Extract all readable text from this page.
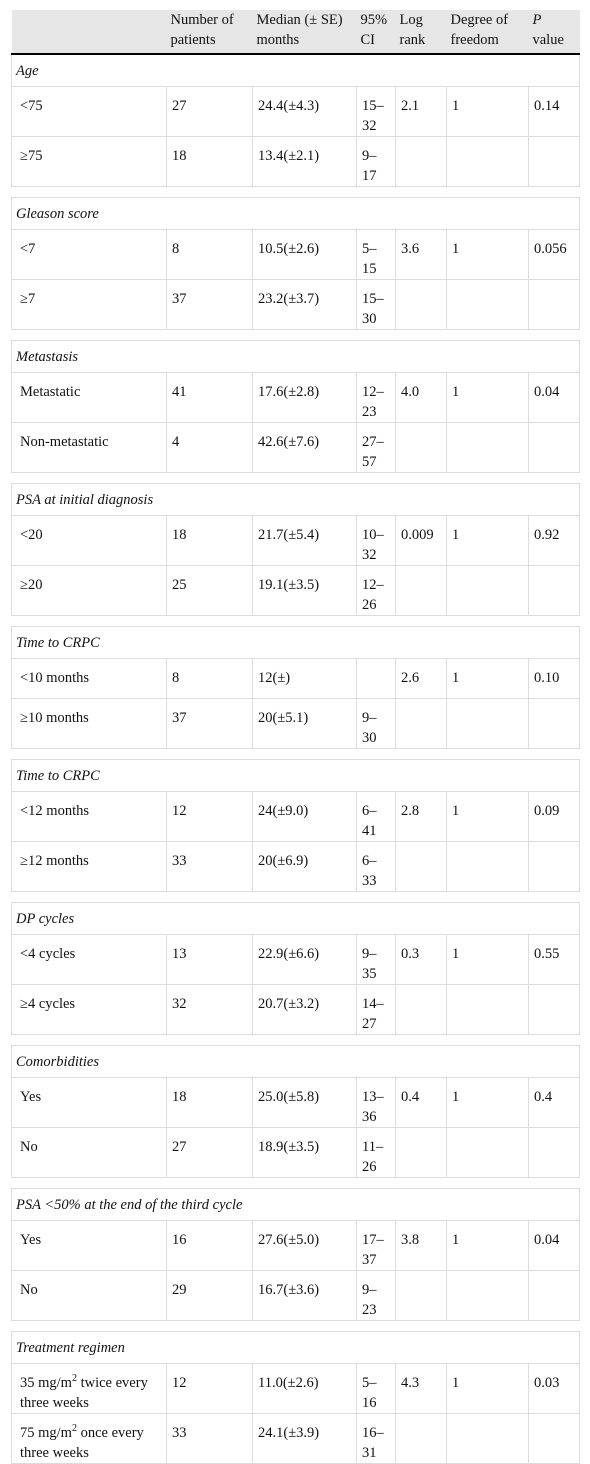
	Number of patients	Median (± SE) months	95% CI	Log rank	Degree of freedom	P
value
Age						
<75	27	24.4(±4.3)	15–32	2.1	1	0.14
≥75	18	13.4(±2.1)	9–17			

Gleason score						
<7	8	10.5(±2.6)	5–15	3.6	1	0.056
≥7	37	23.2(±3.7)	15–30			

Metastasis						
Metastatic	41	17.6(±2.8)	12–23	4.0	1	0.04
Non-metastatic	4	42.6(±7.6)	27–57			

PSA at initial diagnosis						
<20	18	21.7(±5.4)	10–32	0.009	1	0.92
≥20	25	19.1(±3.5)	12–26			

Time to CRPC						
<10 months	8	12(±)		2.6	1	0.10
≥10 months	37	20(±5.1)	9–30			

Time to CRPC						
<12 months	12	24(±9.0)	6–41	2.8	1	0.09
≥12 months	33	20(±6.9)	6–33			

DP cycles						
<4 cycles	13	22.9(±6.6)	9–35	0.3	1	0.55
≥4 cycles	32	20.7(±3.2)	14–27			

Comorbidities						
Yes	18	25.0(±5.8)	13–36	0.4	1	0.4
No	27	18.9(±3.5)	11–26			

PSA <50% at the end of the third cycle						
Yes	16	27.6(±5.0)	17–37	3.8	1	0.04
No	29	16.7(±3.6)	9–23			

Treatment regimen						
35 $mg/m^2$ twice every three weeks	12	11.0(±2.6)	5–16	4.3	1	0.03
75 $mg/m^2$ once every three weeks	33	24.1(±3.9)	16–31			
